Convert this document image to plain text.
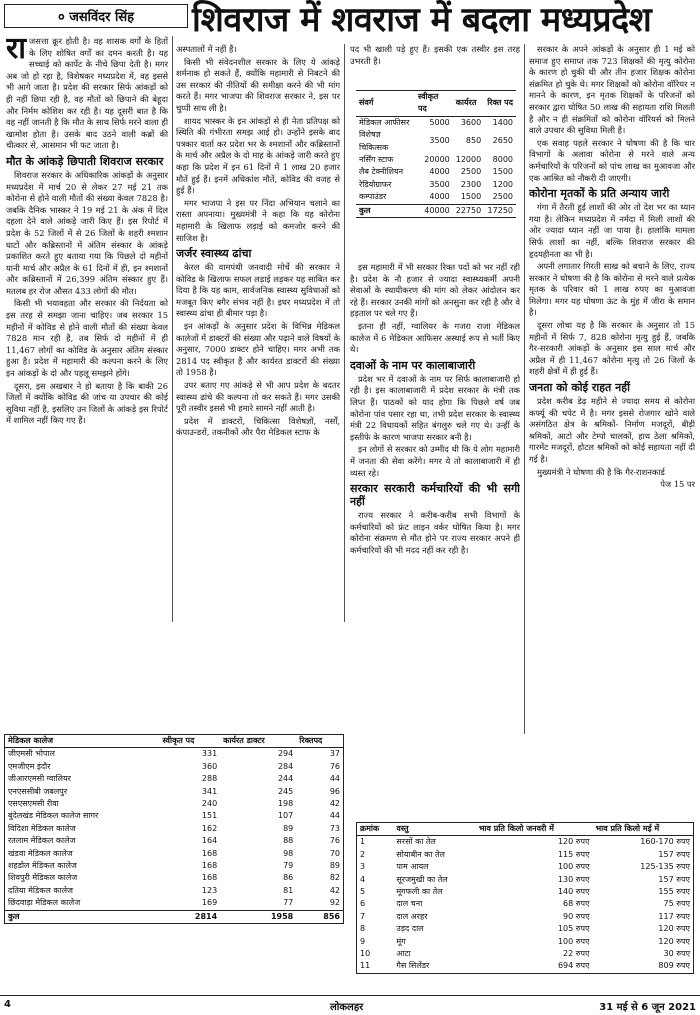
० जसविंदर सिंह	शिवराज में शवराज में बदला मध्यप्रदेश
रा जसत्ता क्रूर होती है। वह शासक वर्गों के हितों के लिए शोषित वर्गों का दमन करती है। यह सच्चाई को कार्पेट के नीचे छिपा देती है। मगर अब जो हो रहा है, विशेषकर मध्यप्रदेश में, वह इससे भी आगे जाता है। प्रदेश की सरकार सिर्फ आंकड़ों को ही नहीं छिपा रही है, वह मौतों को छिपाने की बेहूदा और निर्मम कोशिश कर रही है। यह दूसरी बात है कि वह नहीं जानती है कि मौत के साथ सिर्फ मरने वाला ही खामोश होता है। उसके बाद उठने वाली कब्रों की चीत्कार से, आसमान भी फट जाता है।

मौत के आंकड़े छिपाती शिवराज सरकार

शिवराज सरकार के अधिकारिक आंकड़ों के अनुसार मध्यप्रदेश में मार्च 20 से लेकर 27 मई 21 तक कोरोना से होने वाली मौतों की संख्या केवल 7828 है। जबकि दैनिक भास्कर ने 19 मई 21 के अंक में दिल दहला देने वाले आंकड़े जारी किए हैं। इस रिपोर्ट में प्रदेश के 52 जिलों में से 26 जिलों के शहरी श्मशान घाटों और कब्रिस्तानों में अंतिम संस्कार के आंकड़े प्रकाशित करते हुए बताया गया कि पिछले दो महीनों यानी मार्च और अप्रैल के 61 दिनों में ही, इन श्मशानों और कब्रिस्तानों में 26,399 अंतिम संस्कार हुए हैं। मतलब हर रोज औसत 433 लोगों की मौत।

किसी भी भयावहता और सरकार की निर्दयता को इस तरह से समझा जाना चाहिए। जब सरकार 15 महीनों में कोविड से होने वाली मौतों की संख्या केवल 7828 मान रही है, तब सिर्फ दो महीनों में ही 11,467 लोगों का कोविड के अनुसार अंतिम संस्कार हुआ है। प्रदेश में महामारी की कल्पना करने के लिए इन आंकड़ों के दो और पहलू समझने होंगे।

दूसरा, इस अखबार ने हो बताया है कि बाकी 26 जिलों में क्योंकि कोविड की जांच या उपचार की कोई सुविधा नहीं है, इसलिए उन जिलों के आंकड़े इस रिपोर्ट में शामिल नहीं किए गए हैं।

अस्पतालों में नहीं हैं।

किसी भी संवेदनशील सरकार के लिए ये आंकड़े शर्मनाक हो सकते हैं, क्योंकि महामारी से निबटने की उस सरकार की नीतियों की समीक्षा करने की भी मांग करते हैं। मगर भाजपा की शिवराज सरकार ने, इस पर चुप्पी साध ली है।

शायद भास्कर के इन आंकड़ों से ही नेता प्रतिपक्ष को स्थिति की गंभीरता समझ आई हो। उन्होंने इसके बाद पत्रकार वार्ता कर प्रदेश भर के श्मशानों और कब्रिस्तानों के मार्च और अप्रैल के दो माह के आंकड़े जारी करते हुए कहा कि प्रदेश में इन 61 दिनों में 1 लाख 20 हजार मौतें हुई हैं। इनमें अधिकांश मौतें, कोविड की वजह से हुई हैं।

मगर भाजपा ने इस पर निंदा अभियान चलाने का रास्ता अपनाया। मुख्यमंत्री ने कहा कि यह कोरोना महामारी के खिलाफ लड़ाई को कमजोर करने की साजिश है।

जर्जर स्वास्थ्य ढांचा

केरल की वामपंथी जनवादी मोर्चे की सरकार ने कोविड के खिलाफ सफल लड़ाई लड़कर यह साबित कर दिया है कि यह काम, सार्वजनिक स्वास्थ्य सुविधाओं को मजबूत किए बगैर संभव नहीं है। इधर मध्यप्रदेश में तो स्वास्थ्य ढांचा ही बीमार पड़ा है।

इन आंकड़ों के अनुसार प्रदेश के विभिन्न मेडिकल कालेजों में डाक्टरों की संख्या और पढ़ाने वाले विषयों के अनुसार, 7000 डाक्टर होने चाहिए। मगर अभी तक 2814 पद स्वीकृत हैं और कार्यरत डाक्टरों की संख्या तो 1958 है।

उपर बताए गए आंकड़े से भी आप प्रदेश के बदतर स्वास्थ्य ढांचे की कल्पना तो कर सकते हैं। मगर उसकी पूरी तस्वीर इससे भी हमारे सामने नहीं आती है।

प्रदेश में डाक्टरों, चिकित्सा विशेषज्ञों, नर्सों, कंपाउन्डरों, तकनीकों और पैरा मेडिकल स्टाफ के

पद भी खाली पड़े हुए हैं। इसकी एक तस्वीर इस तरह उभरती है।

संवर्ग	स्वीकृत पद	कार्यरत	रिक्त पद
मेडिकल आफीसर	5000	3600	1400
विशेषज्ञ चिकित्सक	3500	850	2650
नर्सिंग स्टाफ	20000	12000	8000
लैब टेक्नीशियन	4000	2500	1500
रेडियोग्राफर	3500	2300	1200
कम्पाउंडर	4000	1500	2500
कुल	40000	22750	17250

इस महामारी में भी सरकार रिक्त पदों को भर नहीं रही है। प्रदेश के नौ हजार से ज्यादा स्वास्थ्यकर्मी अपनी सेवाओं के स्थायीकरण की मांग को लेकर आंदोलन कर रहे हैं। सरकार उनकी मांगों को अनसुना कर रही है और वे हड़ताल पर चले गए हैं।

इतना ही नहीं, ग्वालियर के गजरा राजा मेडिकल कालेज में 6 मेडिकल आफिसर अस्थाई रूप से भर्ती किए थे।

दवाओं के नाम पर कालाबाजारी

प्रदेश भर में दवाओं के नाम पर सिर्फ कालाबाजारी हो रही है। इस कालाबाजारी में प्रदेश सरकार के मंत्री तक लिप्त हैं। पाठकों को याद होगा कि पिछले वर्ष जब कोरोना पांव पसार रहा था, तभी प्रदेश सरकार के स्वास्थ्य मंत्री 22 विधायकों सहित बंगलुरु चले गए थे। उन्हीं के इस्तीफे के कारण भाजपा सरकार बनी है।

इन लोगों से सरकार को उम्मीद थी कि ये लोग महामारी में जनता की सेवा करेंगे। मगर ये तो कालाबाजारी में ही व्यस्त रहे।

सरकार सरकारी कर्मचारियों की भी सगी नहीं

राज्य सरकार ने करीब-करीब सभी विभागों के कर्मचारियों को फ्रंट लाइन वर्कर घोषित किया है। मगर कोरोना संक्रमण से मौत होने पर राज्य सरकार अपने ही कर्मचारियों की भी मदद नहीं कर रही है।

सरकार के अपने आंकड़ों के अनुसार ही 1 मई को समाज हुए समाप्त तक 723 शिक्षकों की मृत्यु कोरोना के कारण हो चुकी थी और तीन हजार शिक्षक कोरोना संक्रमित हो चुके थे। मगर शिक्षकों को कोरोना वॉरियर न मानने के कारण, इन मृतक शिक्षकों के परिजनों को सरकार द्वारा घोषित 50 लाख की सहायता राशि मिलती है और न ही संक्रमितों को कोरोना वॉरियर्स को मिलने वाले उपचार की सुविधा मिली है।

एक सवाह पहले सरकार ने घोषणा की है कि चार विभागों के अलावा कोरोना से मरने वाले अन्य कर्मचारियों के परिजनों को पांच लाख का मुआवजा और एक आश्रित को नौकरी दी जाएगी।

कोरोना मृतकों के प्रति अन्याय जारी

गंगा में तैरती हुई लाशों की ओर तो देश भर का ध्यान गया है। लेकिन मध्यप्रदेश में नर्मदा में मिली लाशों की ओर ज्यादा ध्यान नहीं जा पाया है। हालांकि मामला सिर्फ लाशों का नहीं, बल्कि शिवराज सरकार की हृदयहीनता का भी है।

अपनी लगातार गिरती साख को बचाने के लिए, राज्य सरकार ने घोषणा की है कि कोरोना से मरने वाले प्रत्येक मृतक के परिवार को 1 लाख रुपए का मुआवजा मिलेगा। मगर यह घोषणा ऊंट के मुंह में जीरा के समान है।

दूसरा लोचा यह है कि सरकार के अनुसार तो 15 महीनों में सिर्फ 7, 828 कोरोना मृत्यु हुई हैं, जबकि गैर-सरकारी आंकड़ों के अनुसार इस साल मार्च और अप्रैल में ही 11,467 कोरोना मृत्यु तो 26 जिलों के शहरी क्षेत्रों में ही हुई हैं।

जनता को कोई राहत नहीं

प्रदेश करीब डेढ़ महीने से ज्यादा समय से कोरोना कर्फ्यू की चपेट में है। मगर इससे रोजगार खोने वाले असंगठित क्षेत्र के श्रमिकों- निर्माण मजदूरों, बीड़ी श्रमिकों, आटो और टेम्पो चालकों, हाथ ठेला श्रमिकों, गारमेंट मजदूरों, होटल श्रमिकों को कोई सहायता नहीं दी गई है।

मुख्यमंत्री ने घोषणा की है कि गैर-राशनकार्ड

पेज 15 पर

मेडिकल कालेज	स्वीकृत पद	कार्यरत डाक्टर	रिक्तपद
जीएमसी भोपाल	331	294	37
एमजीएम इंदौर	360	284	76
जीआरएमसी ग्वालियर	288	244	44
एनएससीबी जबलपुर	341	245	96
एसएसएमसी रीवा	240	198	42
बुंदेलखंड मेडिकल कालेज सागर	151	107	44
विदिशा मेडिकल कालेज	162	89	73
रतलाम मेडिकल कालेज	164	88	76
खंडवा मेडिकल कालेज	168	98	70
शहडोल मेडिकल कालेज	168	79	89
शिवपुरी मेडिकल कालेज	168	86	82
दतिया मेडिकल कालेज	123	81	42
छिंदवाड़ा मेडिकल कालेज	169	77	92
कुल	2814	1958	856
क्रमांक	वस्तु	भाव प्रति किलो जनवरी में	भाव प्रति किलो मई में
1	सरसों का तेल	120 रुपए	160-170 रुपए
2	सोयाबीन का तेल	115 रुपए	157 रुपए
3	पाम आयल	100 रुपए	125-135 रुपए
4	सूरजमुखी का तेल	130 रुपए	157 रुपए
5	मूंगफली का तेल	140 रुपए	155 रुपए
6	दाल चना	68 रुपए	75 रुपए
7	दाल अरहर	90 रुपए	117 रुपए
8	उड़द दाल	105 रुपए	120 रुपए
9	मूंग	100 रुपए	120 रुपए
10	आटा	22 रुपए	30 रुपए
11	गैस सिलेंडर	694 रुपए	809 रुपए
4	लोकलहर	31 मई से 6 जून 2021
